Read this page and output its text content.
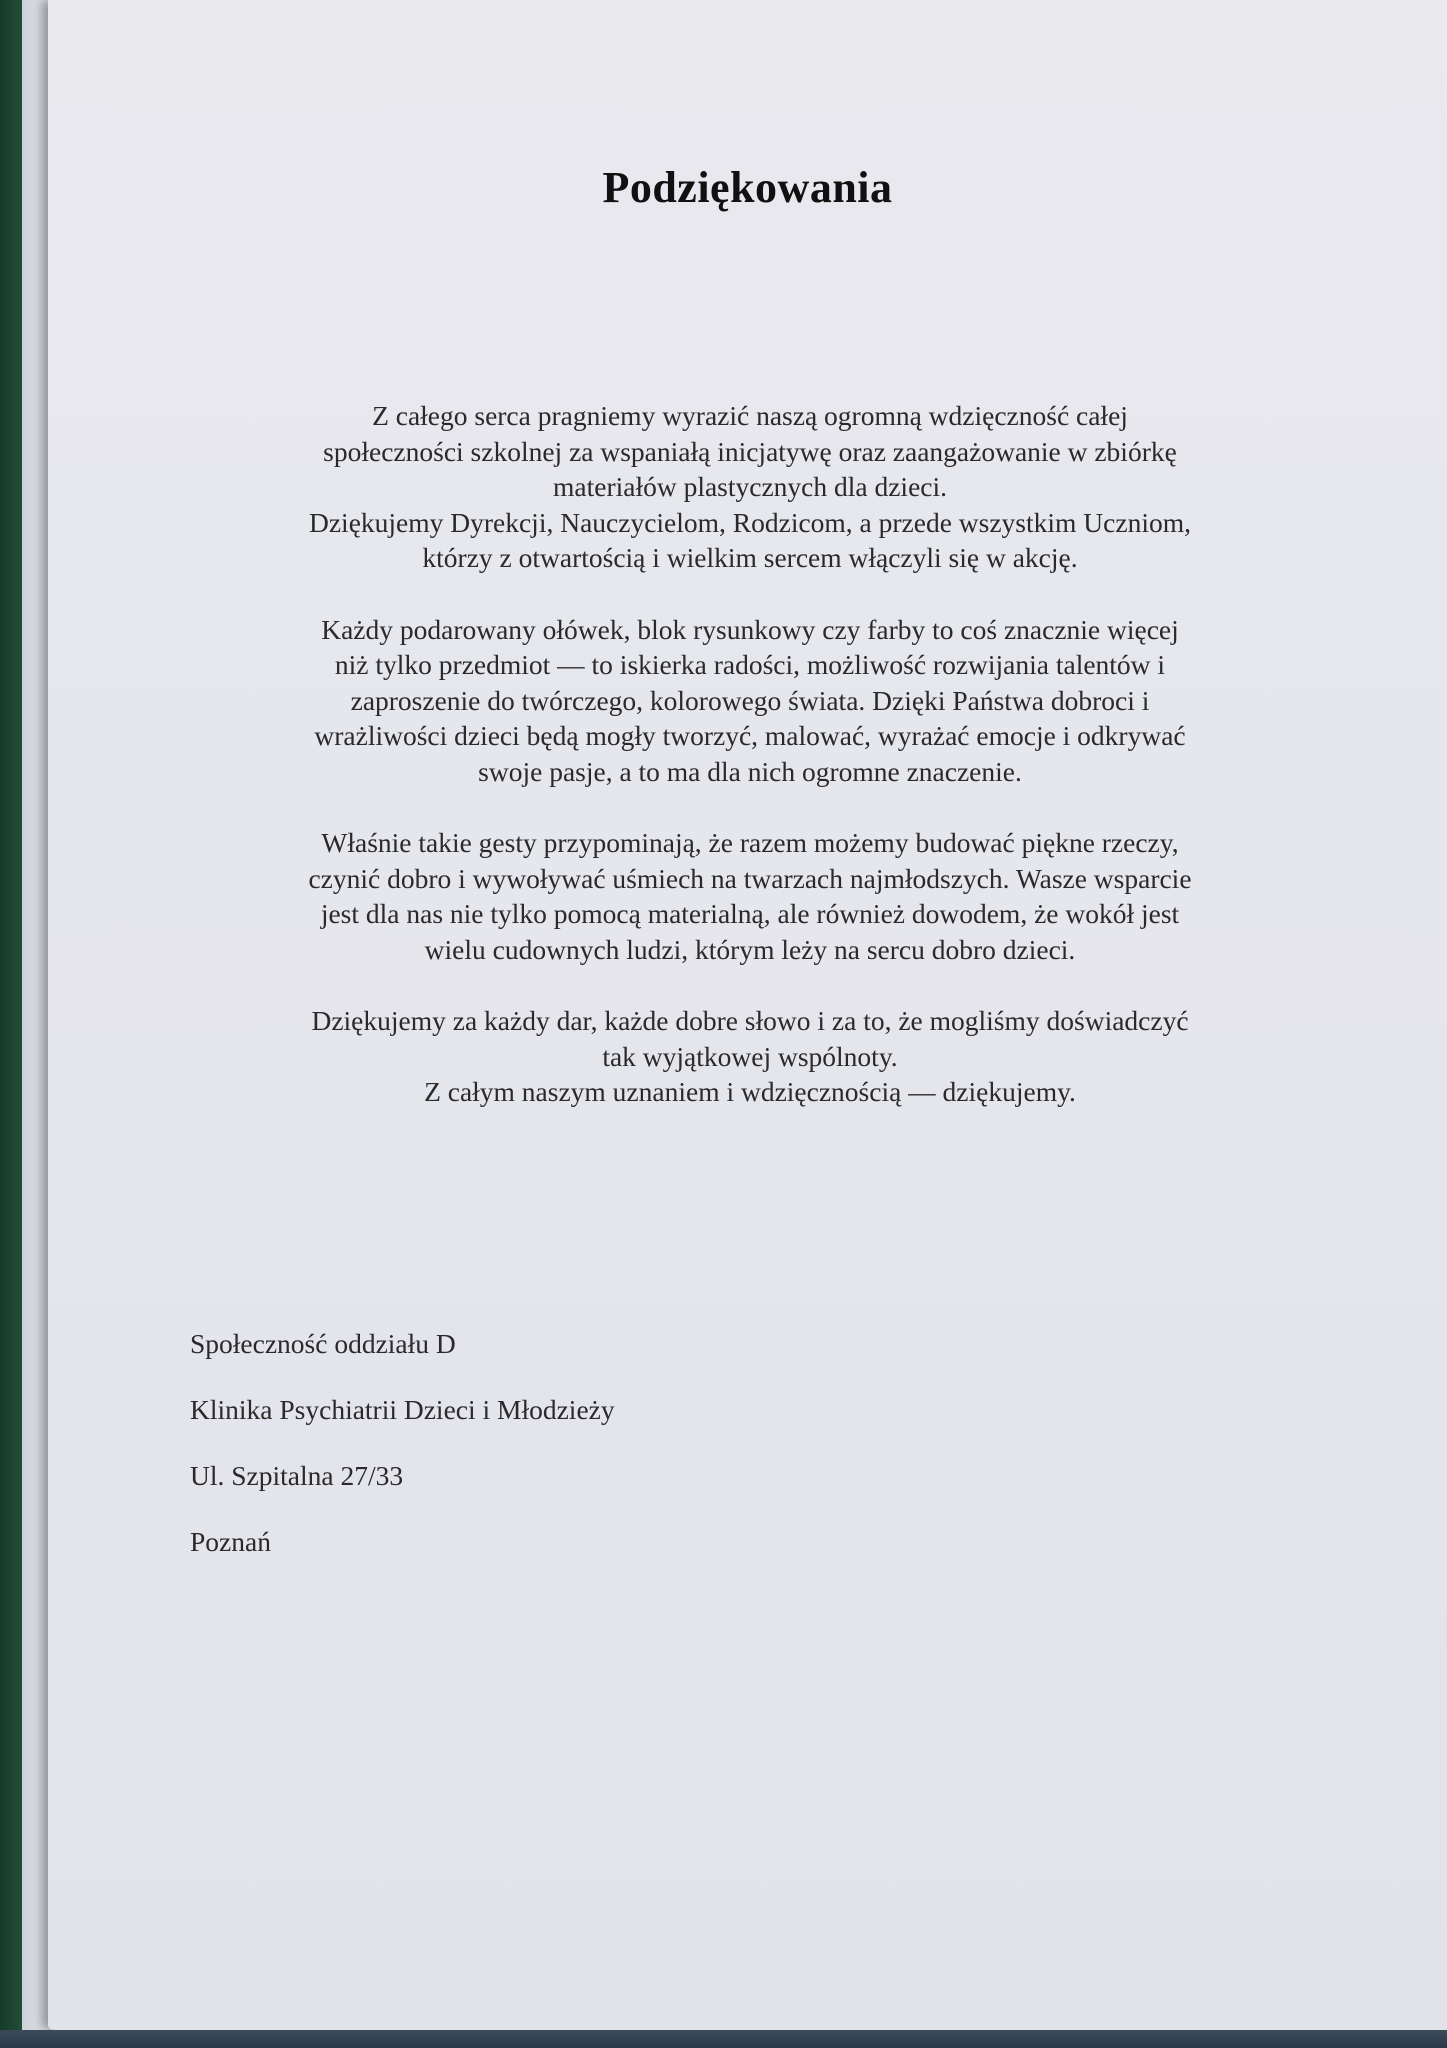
Podziękowania
Z całego serca pragniemy wyrazić naszą ogromną wdzięczność całej
społeczności szkolnej za wspaniałą inicjatywę oraz zaangażowanie w zbiórkę
materiałów plastycznych dla dzieci.
Dziękujemy Dyrekcji, Nauczycielom, Rodzicom, a przede wszystkim Uczniom,
którzy z otwartością i wielkim sercem włączyli się w akcję.
Każdy podarowany ołówek, blok rysunkowy czy farby to coś znacznie więcej
niż tylko przedmiot — to iskierka radości, możliwość rozwijania talentów i
zaproszenie do twórczego, kolorowego świata. Dzięki Państwa dobroci i
wrażliwości dzieci będą mogły tworzyć, malować, wyrażać emocje i odkrywać
swoje pasje, a to ma dla nich ogromne znaczenie.
Właśnie takie gesty przypominają, że razem możemy budować piękne rzeczy,
czynić dobro i wywoływać uśmiech na twarzach najmłodszych. Wasze wsparcie
jest dla nas nie tylko pomocą materialną, ale również dowodem, że wokół jest
wielu cudownych ludzi, którym leży na sercu dobro dzieci.
Dziękujemy za każdy dar, każde dobre słowo i za to, że mogliśmy doświadczyć
tak wyjątkowej wspólnoty.
Z całym naszym uznaniem i wdzięcznością — dziękujemy.
Społeczność oddziału D
Klinika Psychiatrii Dzieci i Młodzieży
Ul. Szpitalna 27/33
Poznań
